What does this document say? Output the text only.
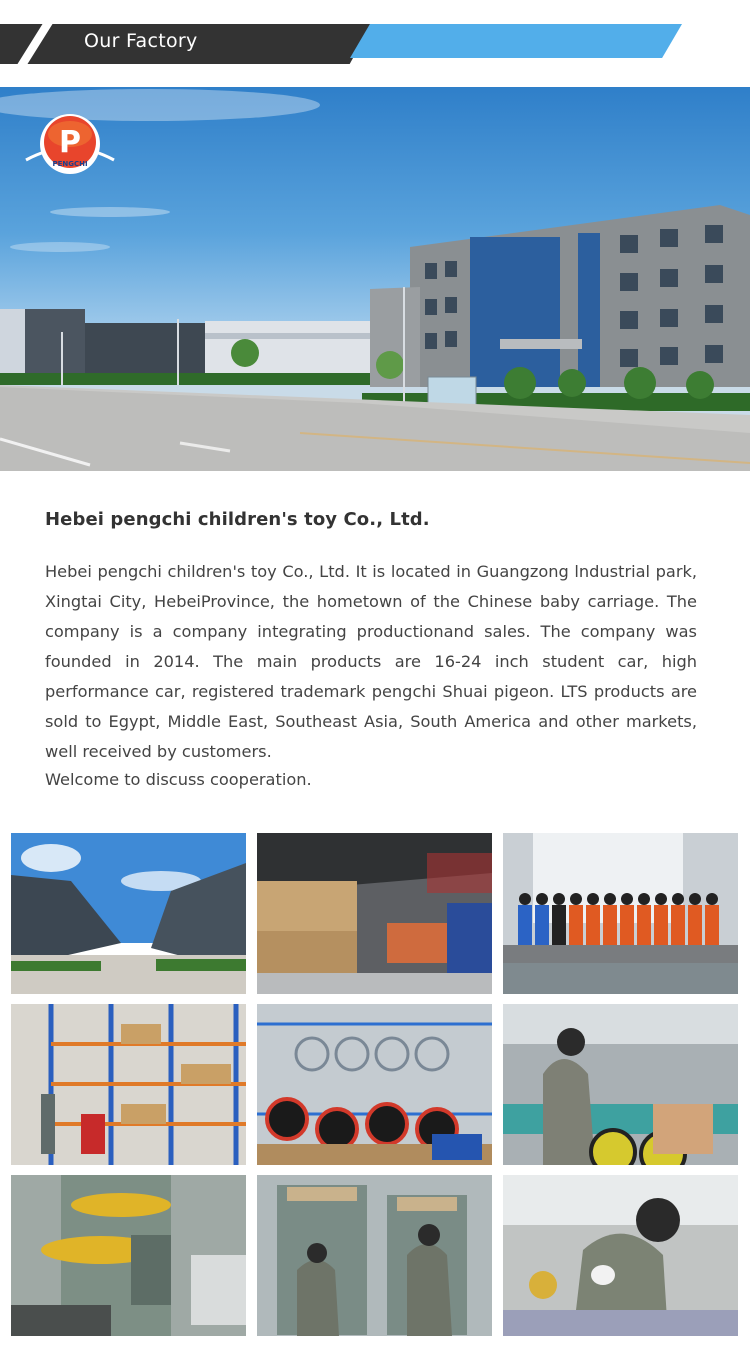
Our Factory
P
PENGCHI
Hebei pengchi children's toy Co., Ltd.
Hebei pengchi children's toy Co., Ltd. It is located in Guangzong lndustrial park, Xingtai City, HebeiProvince, the hometown of the Chinese baby carriage. The company is a company integrating productionand sales. The company was founded in 2014. The main products are 16-24 inch student car, high performance car, registered trademark pengchi Shuai pigeon. LTS products are sold to Egypt, Middle East, Southeast Asia, South America and other markets, well received by customers.
Welcome to discuss cooperation.
